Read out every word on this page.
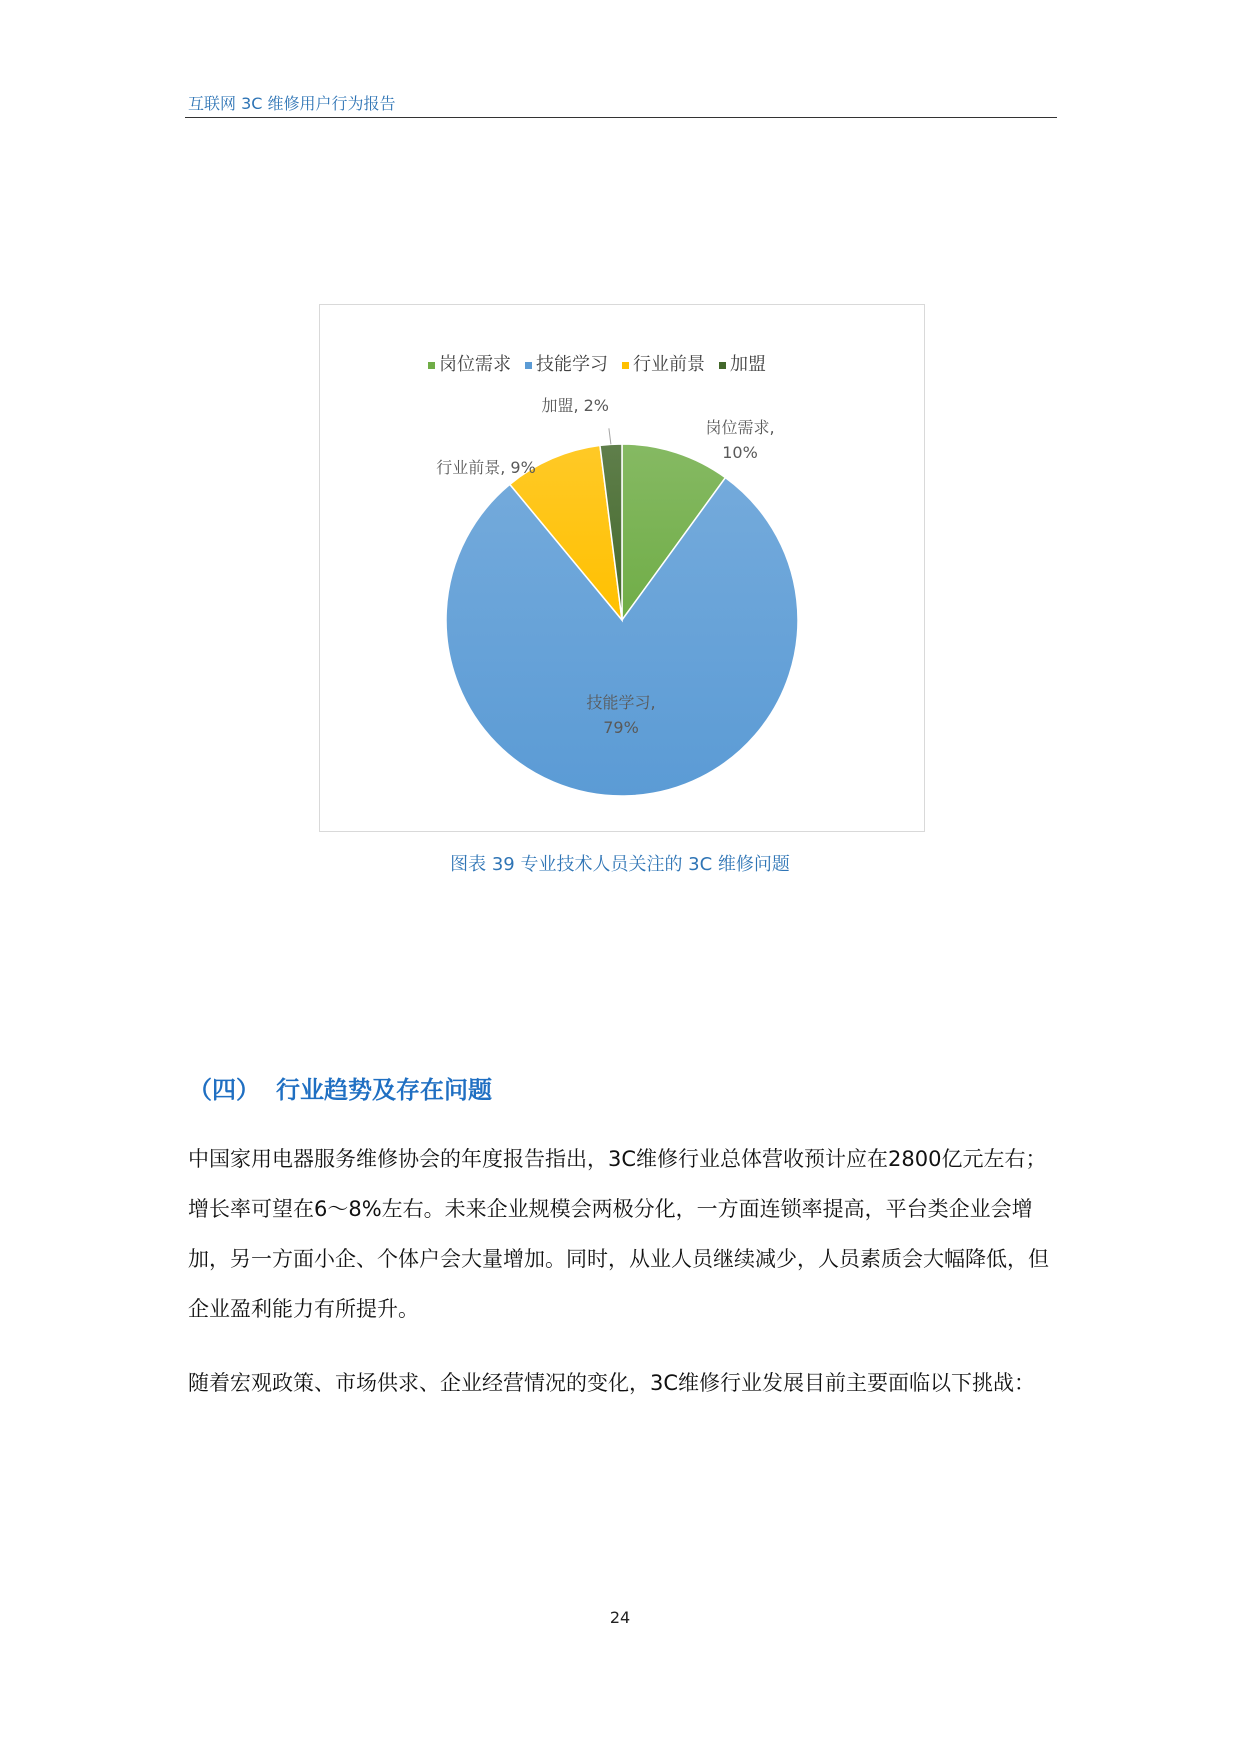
互联网 3C 维修用户行为报告
岗位需求 技能学习 行业前景 加盟
岗位需求,
10%
技能学习,
79%
行业前景, 9%
加盟, 2%
图表 39 专业技术人员关注的 3C 维修问题
（四） 行业趋势及存在问题

中国家用电器服务维修协会的年度报告指出，3C维修行业总体营收预计应在2800亿元左右；增长率可望在6～8%左右。未来企业规模会两极分化，一方面连锁率提高，平台类企业会增加，另一方面小企、个体户会大量增加。同时，从业人员继续减少，人员素质会大幅降低，但企业盈利能力有所提升。

随着宏观政策、市场供求、企业经营情况的变化，3C维修行业发展目前主要面临以下挑战：

24
